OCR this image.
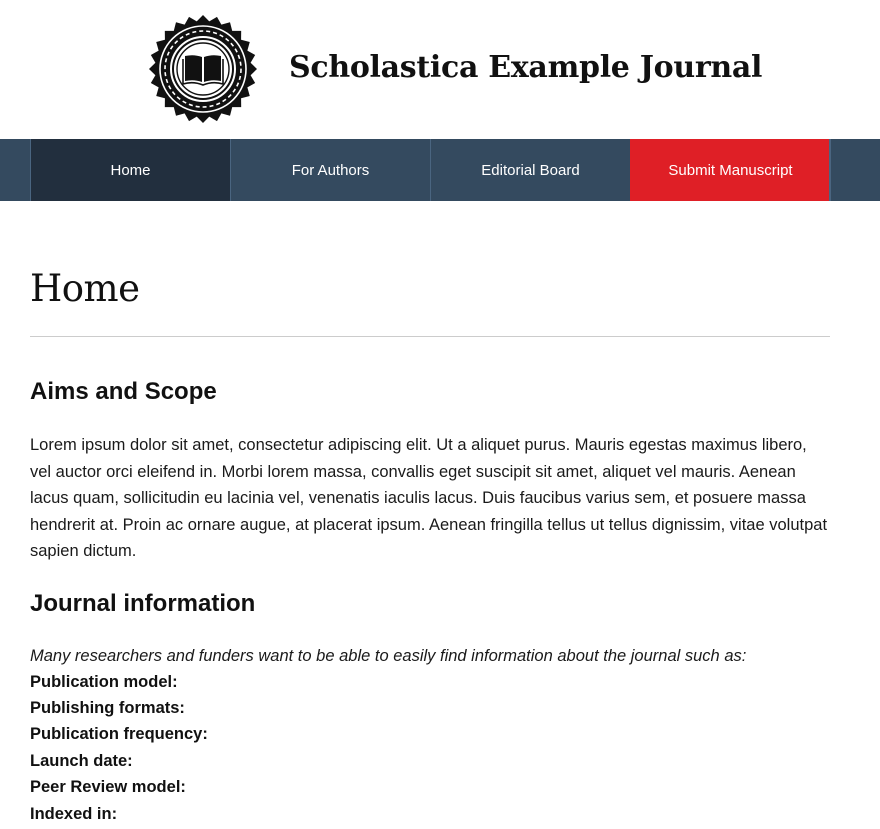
Scholastica Example Journal
Home	For Authors	Editorial Board	Submit Manuscript
Home
Aims and Scope

Lorem ipsum dolor sit amet, consectetur adipiscing elit. Ut a aliquet purus. Mauris egestas maximus libero, vel auctor orci eleifend in. Morbi lorem massa, convallis eget suscipit sit amet, aliquet vel mauris. Aenean lacus quam, sollicitudin eu lacinia vel, venenatis iaculis lacus. Duis faucibus varius sem, et posuere massa hendrerit at. Proin ac ornare augue, at placerat ipsum. Aenean fringilla tellus ut tellus dignissim, vitae volutpat sapien dictum.

Journal information

Many researchers and funders want to be able to easily find information about the journal such as:

Publication model:
Publishing formats:
Publication frequency:
Launch date:
Peer Review model:
Indexed in:
